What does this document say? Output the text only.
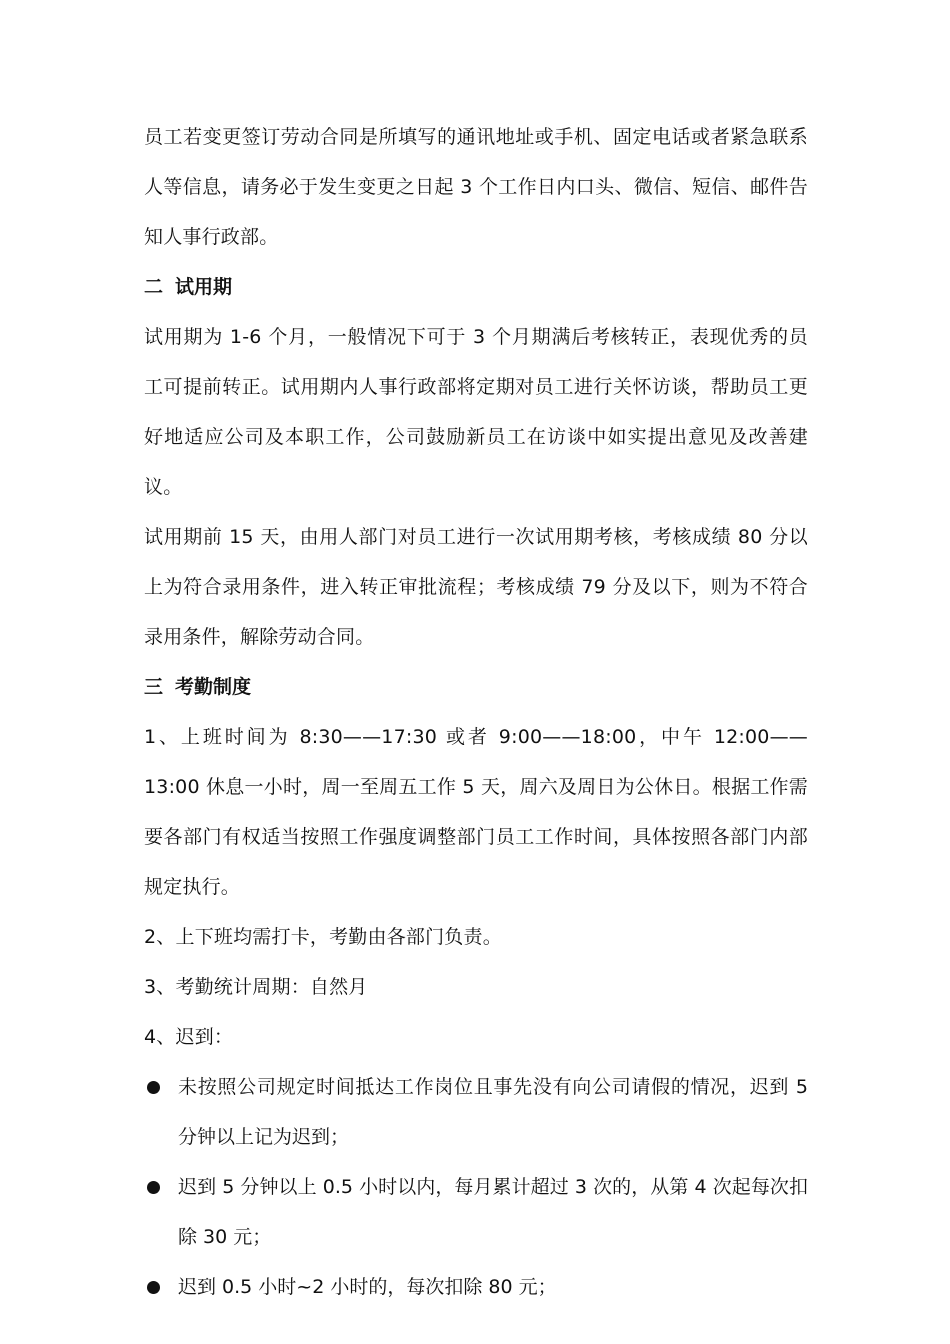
员工若变更签订劳动合同是所填写的通讯地址或手机、固定电话或者紧急联系人等信息，请务必于发生变更之日起 3 个工作日内口头、微信、短信、邮件告知人事行政部。

二 试用期

试用期为 1-6 个月，一般情况下可于 3 个月期满后考核转正，表现优秀的员工可提前转正。试用期内人事行政部将定期对员工进行关怀访谈，帮助员工更好地适应公司及本职工作，公司鼓励新员工在访谈中如实提出意见及改善建议。

试用期前 15 天，由用人部门对员工进行一次试用期考核，考核成绩 80 分以上为符合录用条件，进入转正审批流程；考核成绩 79 分及以下，则为不符合录用条件，解除劳动合同。

三 考勤制度

1、上班时间为 8:30——17:30 或者 9:00——18:00，中午 12:00——13:00 休息一小时，周一至周五工作 5 天，周六及周日为公休日。根据工作需要各部门有权适当按照工作强度调整部门员工工作时间，具体按照各部门内部规定执行。

2、上下班均需打卡，考勤由各部门负责。

3、考勤统计周期：自然月

4、迟到：

未按照公司规定时间抵达工作岗位且事先没有向公司请假的情况，迟到 5 分钟以上记为迟到；
迟到 5 分钟以上 0.5 小时以内，每月累计超过 3 次的，从第 4 次起每次扣除 30 元；
迟到 0.5 小时~2 小时的，每次扣除 80 元；
